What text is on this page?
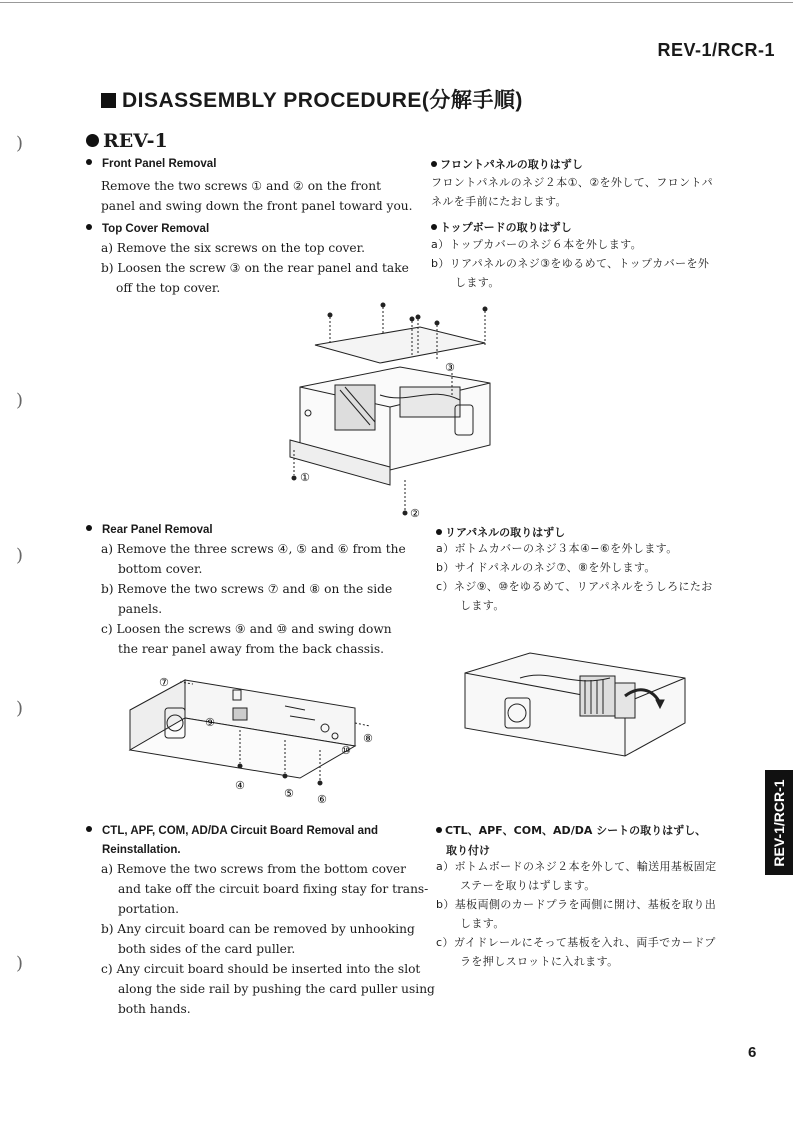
REV-1/RCR-1
DISASSEMBLY PROCEDURE(分解手順)
REV-1
)
)
)
)
)
Front Panel Removal
Remove the two screws ① and ② on the front
panel and swing down the front panel toward you.
Top Cover Removal
a) Remove the six screws on the top cover.
b) Loosen the screw ③ on the rear panel and take
off the top cover.
フロントパネルの取りはずし
フロントパネルのネジ２本①、②を外して、フロントパ
ネルを手前にたおします。
トップボードの取りはずし
a）トップカバーのネジ６本を外します。
b）リアパネルのネジ③をゆるめて、トップカバーを外
します。
①
②
③
Rear Panel Removal
a) Remove the three screws ④, ⑤ and ⑥ from the
bottom cover.
b) Remove the two screws ⑦ and ⑧ on the side
panels.
c) Loosen the screws ⑨ and ⑩ and swing down
the rear panel away from the back chassis.
リアパネルの取りはずし
a）ボトムカバーのネジ３本④−⑥を外します。
b）サイドパネルのネジ⑦、⑧を外します。
c）ネジ⑨、⑩をゆるめて、リアパネルをうしろにたお
します。
⑦
⑨
⑩
⑧
④
⑤ ⑥
CTL, APF, COM, AD/DA Circuit Board Removal and
Reinstallation.
a) Remove the two screws from the bottom cover
and take off the circuit board fixing stay for trans-
portation.
b) Any circuit board can be removed by unhooking
both sides of the card puller.
c) Any circuit board should be inserted into the slot
along the side rail by pushing the card puller using
both hands.
CTL、APF、COM、AD/DA シートの取りはずし、
取り付け
a）ボトムボードのネジ２本を外して、輸送用基板固定
ステーを取りはずします。
b）基板両側のカードプラを両側に開け、基板を取り出
します。
c）ガイドレールにそって基板を入れ、両手でカードプ
ラを押しスロットに入れます。
REV-1/RCR-1
6
